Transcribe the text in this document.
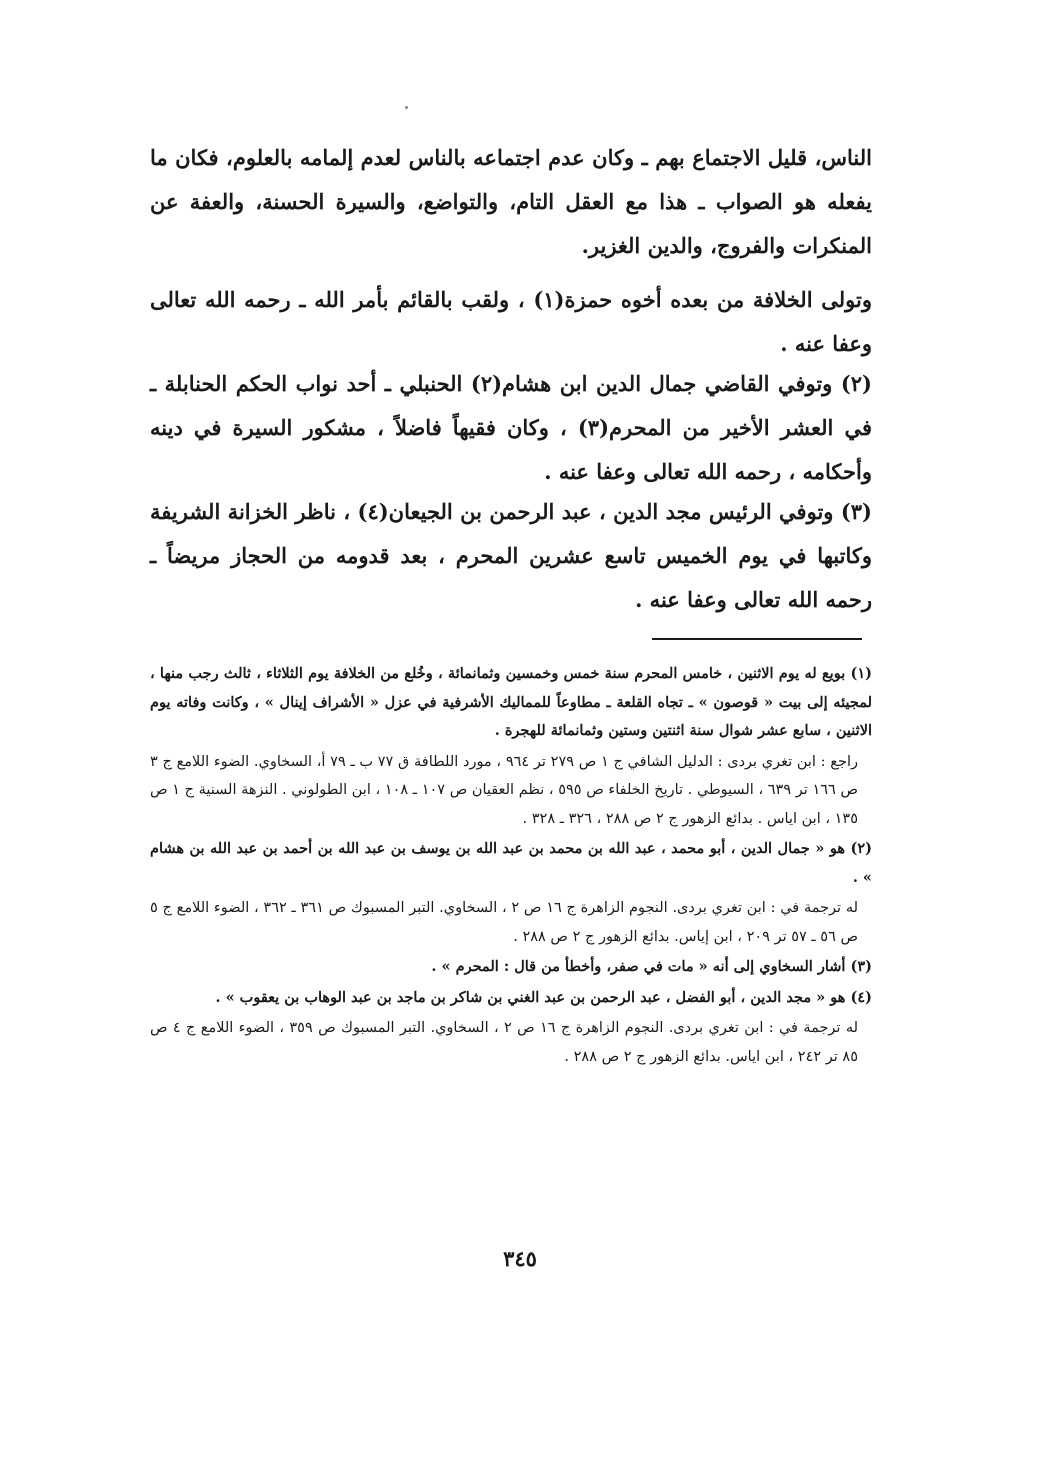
الناس، قليل الاجتماع بهم ـ وكان عدم اجتماعه بالناس لعدم إلمامه بالعلوم، فكان ما يفعله هو الصواب ـ هذا مع العقل التام، والتواضع، والسيرة الحسنة، والعفة عن المنكرات والفروج، والدين الغزير.

وتولى الخلافة من بعده أخوه حمزة(١) ، ولقب بالقائم بأمر الله ـ رحمه الله تعالى وعفا عنه .

(٢) وتوفي القاضي جمال الدين ابن هشام(٢) الحنبلي ـ أحد نواب الحكم الحنابلة ـ في العشر الأخير من المحرم(٣) ، وكان فقيهاً فاضلاً ، مشكور السيرة في دينه وأحكامه ، رحمه الله تعالى وعفا عنه .

(٣) وتوفي الرئيس مجد الدين ، عبد الرحمن بن الجيعان(٤) ، ناظر الخزانة الشريفة وكاتبها في يوم الخميس تاسع عشرين المحرم ، بعد قدومه من الحجاز مريضاً ـ رحمه الله تعالى وعفا عنه .

(١) بويع له يوم الاثنين ، خامس المحرم سنة خمس وخمسين وثمانمائة ، وخُلع من الخلافة يوم الثلاثاء ، ثالث رجب منها ، لمجيئه إلى بيت « قوصون » ـ تجاه القلعة ـ مطاوعاً للمماليك الأشرفية في عزل « الأشراف إينال » ، وكانت وفاته يوم الاثنين ، سابع عشر شوال سنة اثنتين وستين وثمانمائة للهجرة .

راجع : ابن تغري بردى : الدليل الشافي ج ١ ص ٢٧٩ تر ٩٦٤ ، مورد اللطافة ق ٧٧ ب ـ ٧٩ أ، السخاوي. الضوء اللامع ج ٣ ص ١٦٦ تر ٦٣٩ ، السيوطي . تاريخ الخلفاء ص ٥٩٥ ، نظم العقيان ص ١٠٧ ـ ١٠٨ ، ابن الطولوني . النزهة السنية ج ١ ص ١٣٥ ، ابن اياس . بدائع الزهور ج ٢ ص ٢٨٨ ، ٣٢٦ ـ ٣٢٨ .

(٢) هو « جمال الدين ، أبو محمد ، عبد الله بن محمد بن عبد الله بن يوسف بن عبد الله بن أحمد بن عبد الله بن هشام » .

له ترجمة في : ابن تغري بردى. النجوم الزاهرة ج ١٦ ص ٢ ، السخاوي. التبر المسبوك ص ٣٦١ ـ ٣٦٢ ، الضوء اللامع ج ٥ ص ٥٦ ـ ٥٧ تر ٢٠٩ ، ابن إياس. بدائع الزهور ج ٢ ص ٢٨٨ .

(٣) أشار السخاوي إلى أنه « مات في صفر، وأخطأ من قال : المحرم » .

(٤) هو « مجد الدين ، أبو الفضل ، عبد الرحمن بن عبد الغني بن شاكر بن ماجد بن عبد الوهاب بن يعقوب » .

له ترجمة في : ابن تغري بردى. النجوم الزاهرة ج ١٦ ص ٢ ، السخاوي. التبر المسبوك ص ٣٥٩ ، الضوء اللامع ج ٤ ص ٨٥ تر ٢٤٢ ، ابن اياس. بدائع الزهور ج ٢ ص ٢٨٨ .

٣٤٥
